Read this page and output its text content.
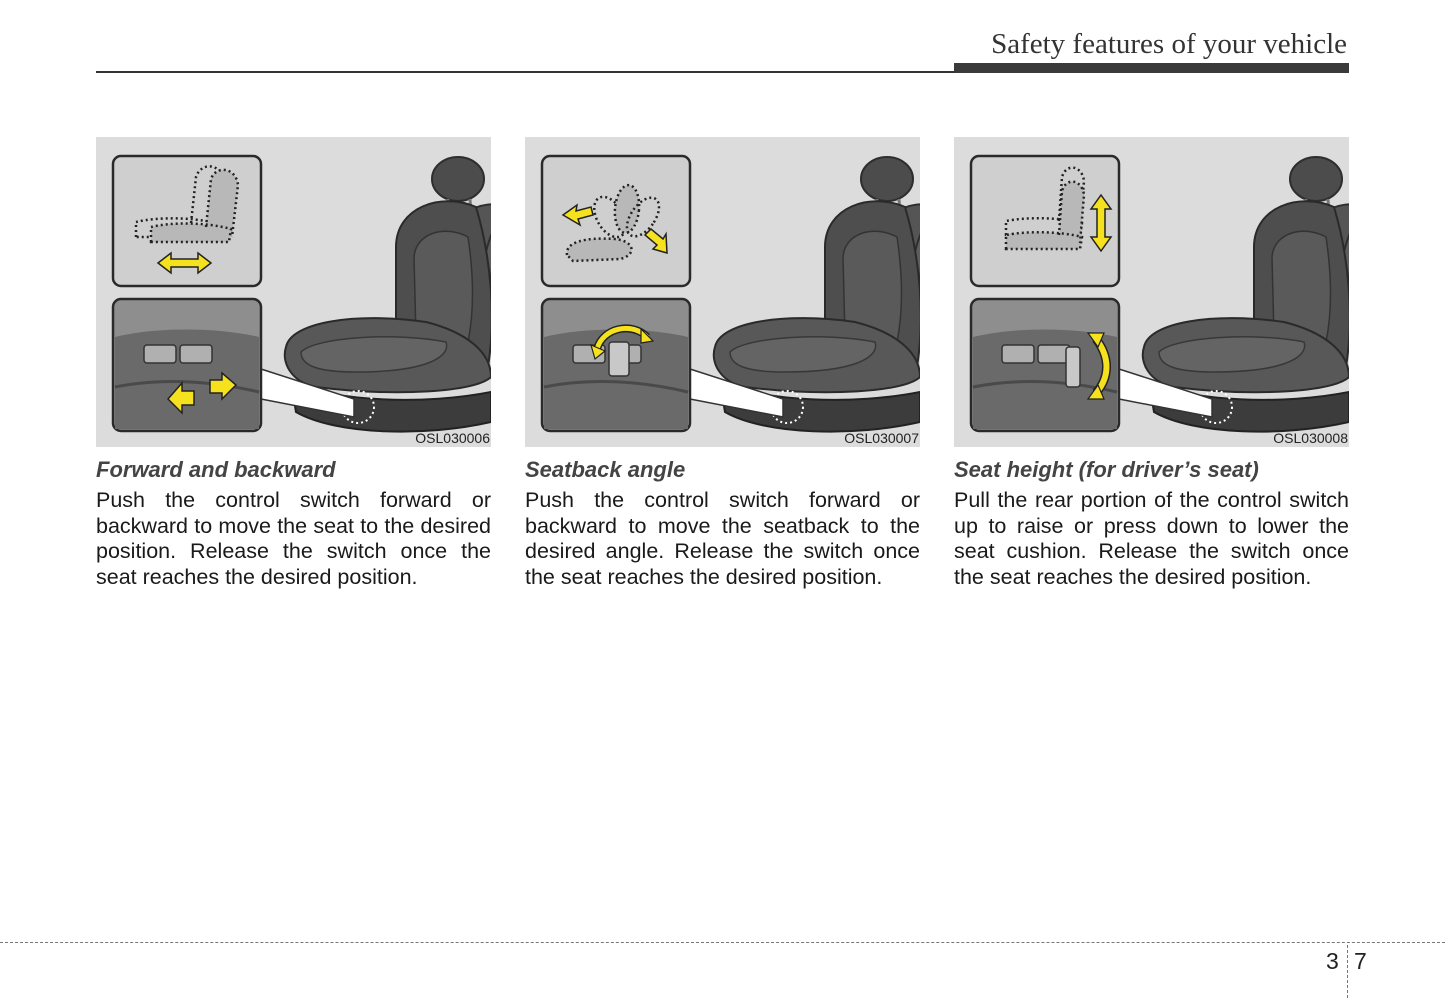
Safety features of your vehicle
OSL030006
Forward and backward

Push the control switch forward or backward to move the seat to the desired position. Release the switch once the seat reaches the desired position.

OSL030007
Seatback angle

Push the control switch forward or backward to move the seatback to the desired angle. Release the switch once the seat reaches the desired position.

OSL030008
Seat height (for driver’s seat)

Pull the rear portion of the control switch up to raise or press down to lower the seat cushion. Release the switch once the seat reaches the desired position.

3 7
